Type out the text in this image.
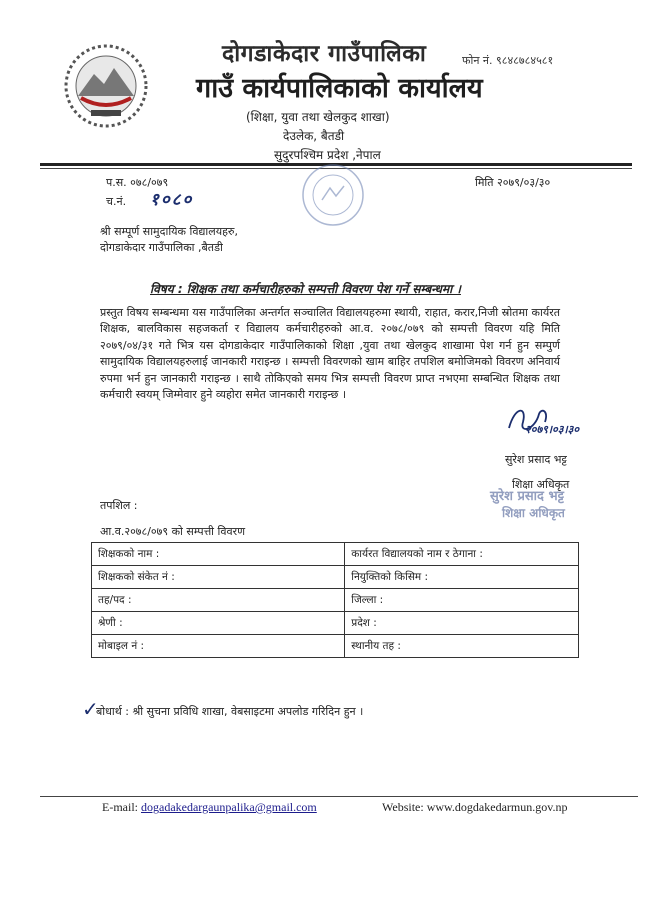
दोगडाकेदार गाउँपालिका	फोन नं. ९८४८७८४५८१
गाउँ कार्यपालिकाको कार्यालय
(शिक्षा, युवा तथा खेलकुद शाखा)
देउलेक, बैतडी
सुदुरपश्चिम प्रदेश ,नेपाल
प.स. ०७८/०७९
च.नं. १०८०
मिति २०७९/०३/३०
श्री सम्पूर्ण सामुदायिक विद्यालयहरु,
दोगडाकेदार गाउँपालिका ,बैतडी
विषय : शिक्षक तथा कर्मचारीहरुको सम्पत्ती विवरण पेश गर्ने सम्बन्धमा ।
प्रस्तुत विषय सम्बन्धमा यस गाउँपालिका अन्तर्गत सञ्चालित विद्यालयहरुमा स्थायी, राहात, करार,निजी स्रोतमा कार्यरत शिक्षक, बालविकास सहजकर्ता र विद्यालय कर्मचारीहरुको आ.व. २०७८/०७९ को सम्पत्ती विवरण यहि मिति २०७९/०४/३१ गते भित्र यस दोगडाकेदार गाउँपालिकाको शिक्षा ,युवा तथा खेलकुद शाखामा पेश गर्न हुन सम्पुर्ण सामुदायिक विद्यालयहरुलाई जानकारी गराइन्छ । सम्पत्ती विवरणको खाम बाहिर तपशिल बमोजिमको विवरण अनिवार्य रुपमा भर्न हुन जानकारी गराइन्छ । साथै तोकिएको समय भित्र सम्पत्ती विवरण प्राप्त नभएमा सम्बन्धित शिक्षक तथा कर्मचारी स्वयम् जिम्मेवार हुने व्यहोरा समेत जानकारी गराइन्छ ।
२०७९।०३।३०
सुरेश प्रसाद भट्ट
शिक्षा अधिकृत
सुरेश प्रसाद भट्ट
शिक्षा अधिकृत
तपशिल :
आ.व.२०७८/०७९ को सम्पत्ती विवरण
शिक्षकको नाम :	कार्यरत विद्यालयको नाम र ठेगाना :
शिक्षकको संकेत नं :	नियुक्तिको किसिम :
तह/पद :	जिल्ला :
श्रेणी :	प्रदेश :
मोबाइल नं :	स्थानीय तह :
✓
बोधार्थ : श्री सुचना प्रविधि शाखा, वेबसाइटमा अपलोड गरिदिन हुन ।
E-mail: dogadakedargaunpalika@gmail.com	Website: www.dogdakedarmun.gov.np
